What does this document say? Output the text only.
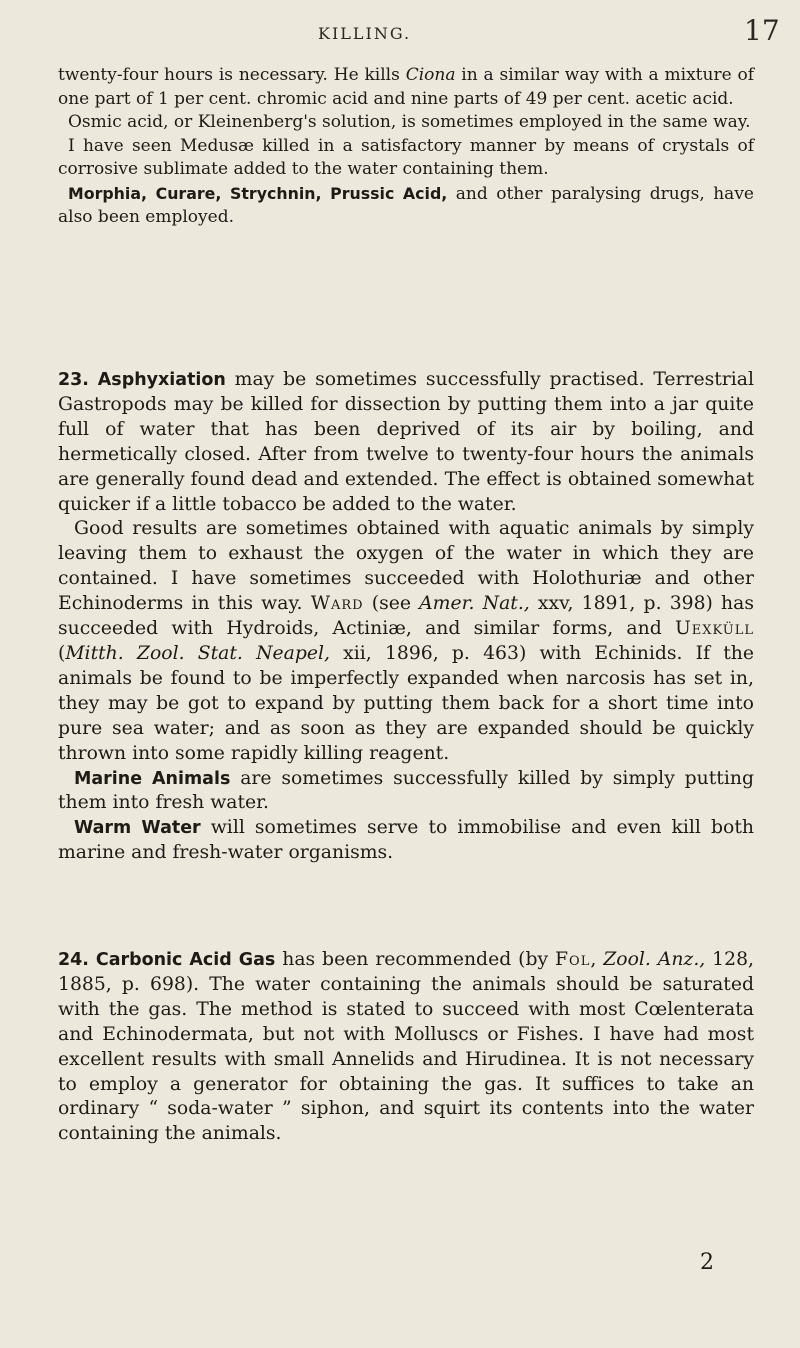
KILLING.	17

twenty-four hours is necessary. He kills Ciona in a similar way with a mixture of one part of 1 per cent. chromic acid and nine parts of 49 per cent. acetic acid.

Osmic acid, or Kleinenberg's solution, is sometimes employed in the same way.

I have seen Medusæ killed in a satisfactory manner by means of crystals of corrosive sublimate added to the water containing them.

Morphia, Curare, Strychnin, Prussic Acid, and other paralysing drugs, have also been employed.

23. Asphyxiation may be sometimes successfully practised. Terrestrial Gastropods may be killed for dissection by putting them into a jar quite full of water that has been deprived of its air by boiling, and hermetically closed. After from twelve to twenty-four hours the animals are generally found dead and extended. The effect is obtained somewhat quicker if a little tobacco be added to the water.

Good results are sometimes obtained with aquatic animals by simply leaving them to exhaust the oxygen of the water in which they are contained. I have sometimes succeeded with Holothuriæ and other Echinoderms in this way. Ward (see Amer. Nat., xxv, 1891, p. 398) has succeeded with Hydroids, Actiniæ, and similar forms, and Uexküll (Mitth. Zool. Stat. Neapel, xii, 1896, p. 463) with Echinids. If the animals be found to be imperfectly expanded when narcosis has set in, they may be got to expand by putting them back for a short time into pure sea water; and as soon as they are expanded should be quickly thrown into some rapidly killing reagent.

Marine Animals are sometimes successfully killed by simply putting them into fresh water.

Warm Water will sometimes serve to immobilise and even kill both marine and fresh-water organisms.

24. Carbonic Acid Gas has been recommended (by Fol, Zool. Anz., 128, 1885, p. 698). The water containing the animals should be saturated with the gas. The method is stated to succeed with most Cœlenterata and Echinodermata, but not with Molluscs or Fishes. I have had most excellent results with small Annelids and Hirudinea. It is not necessary to employ a generator for obtaining the gas. It suffices to take an ordinary “ soda-water ” siphon, and squirt its contents into the water containing the animals.

2
